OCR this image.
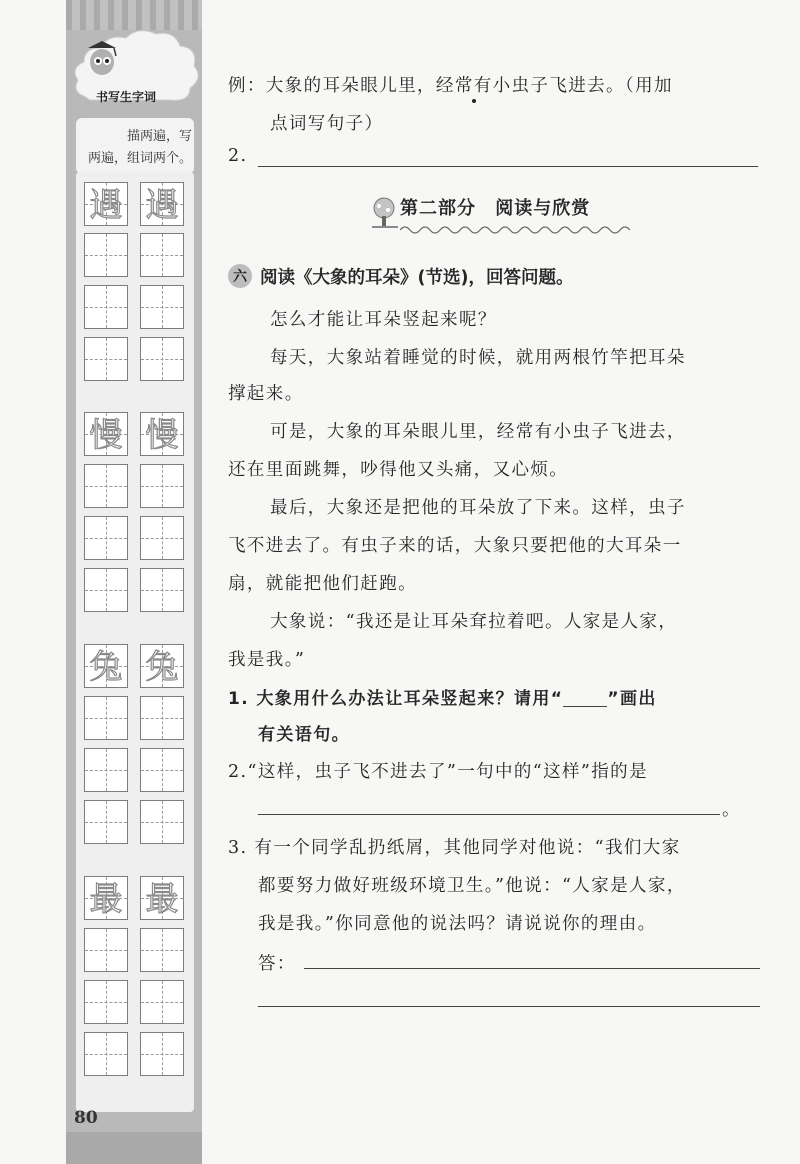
书写生字词
描两遍，写
两遍，组词两个。
遇 遇
慢 慢
兔 兔
最 最
80
例：大象的耳朵眼儿里，经常有小虫子飞进去。（用加
点词写句子）
2.
第二部分 阅读与欣赏
六 阅读《大象的耳朵》(节选)，回答问题。
怎么才能让耳朵竖起来呢？
每天，大象站着睡觉的时候，就用两根竹竿把耳朵
撑起来。
可是，大象的耳朵眼儿里，经常有小虫子飞进去，
还在里面跳舞，吵得他又头痛，又心烦。
最后，大象还是把他的耳朵放了下来。这样，虫子
飞不进去了。有虫子来的话，大象只要把他的大耳朵一
扇，就能把他们赶跑。
大象说：“我还是让耳朵耷拉着吧。人家是人家，
我是我。”
1. 大象用什么办法让耳朵竖起来？请用“	”画出
有关语句。
2.“这样，虫子飞不进去了”一句中的“这样”指的是
。
3. 有一个同学乱扔纸屑，其他同学对他说：“我们大家
都要努力做好班级环境卫生。”他说：“人家是人家，
我是我。”你同意他的说法吗？请说说你的理由。
答：
